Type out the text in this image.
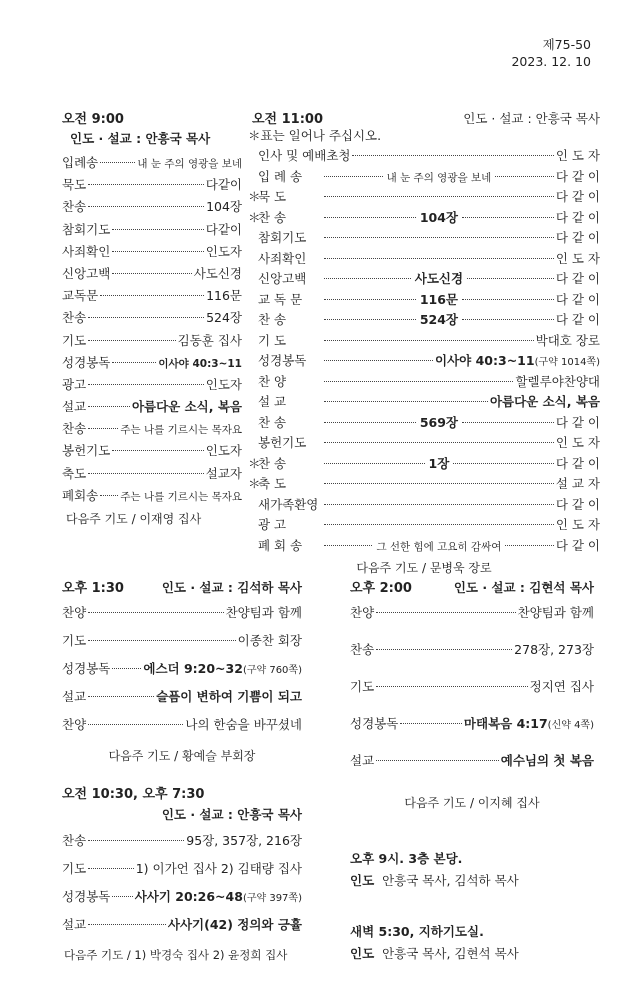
제75-50
2023. 12. 10
오전 9:00
인도 · 설교 : 안흥국 목사
입례송	내 눈 주의 영광을 보네
묵도	다같이
찬송	104장
참회기도	다같이
사죄확인	인도자
신앙고백	사도신경
교독문	116문
찬송	524장
기도	김동훈 집사
성경봉독	이사야 40:3~11
광고	인도자
설교	아름다운 소식, 복음
찬송	주는 나를 기르시는 목자요
봉헌기도	인도자
축도	설교자
폐회송 주는 나를 기르시는 목자요
다음주 기도 / 이재영 집사
오전 11:00	인도 · 설교 : 안흥국 목사
＊표는 일어나 주십시오.
인사 및 예배초청	인 도 자
입 례 송	내 눈 주의 영광을 보네	다 같 이
＊
묵 도	다 같 이
＊
찬 송	104장	다 같 이
참회기도	다 같 이
사죄확인	인 도 자
신앙고백	사도신경	다 같 이
교 독 문	116문	다 같 이
찬 송	524장	다 같 이
기 도	박대호 장로
성경봉독	이사야 40:3~11 (구약 1014쪽)
찬 양	할렐루야찬양대
설 교	아름다운 소식, 복음
찬 송	569장	다 같 이
봉헌기도	인 도 자
＊
찬 송	1장	다 같 이
＊
축 도	설 교 자
새가족환영	다 같 이
광 고	인 도 자
폐 회 송	그 선한 힘에 고요히 감싸여	다 같 이
다음주 기도 / 문병욱 장로
오후 1:30	인도 · 설교 : 김석하 목사
찬양	찬양팀과 함께
기도	이종찬 회장
성경봉독	에스더 9:20~32 (구약 760쪽)
설교	슬픔이 변하여 기쁨이 되고
찬양	나의 한숨을 바꾸셨네
다음주 기도 / 황예슬 부회장
오후 2:00	인도 · 설교 : 김현석 목사
찬양	찬양팀과 함께
찬송	278장, 273장
기도	정지연 집사
성경봉독	마태복음 4:17 (신약 4쪽)
설교	예수님의 첫 복음
다음주 기도 / 이지혜 집사
오전 10:30, 오후 7:30
인도 · 설교 : 안흥국 목사
찬송	95장, 357장, 216장
기도	1) 이가언 집사 2) 김태량 집사
성경봉독 사사기 20:26~48 (구약 397쪽)
설교	사사기(42) 정의와 긍휼
다음주 기도 / 1) 박경숙 집사 2) 윤정희 집사
오후 9시. 3층 본당.
인도 안흥국 목사, 김석하 목사
새벽 5:30, 지하기도실.
인도 안흥국 목사, 김현석 목사
